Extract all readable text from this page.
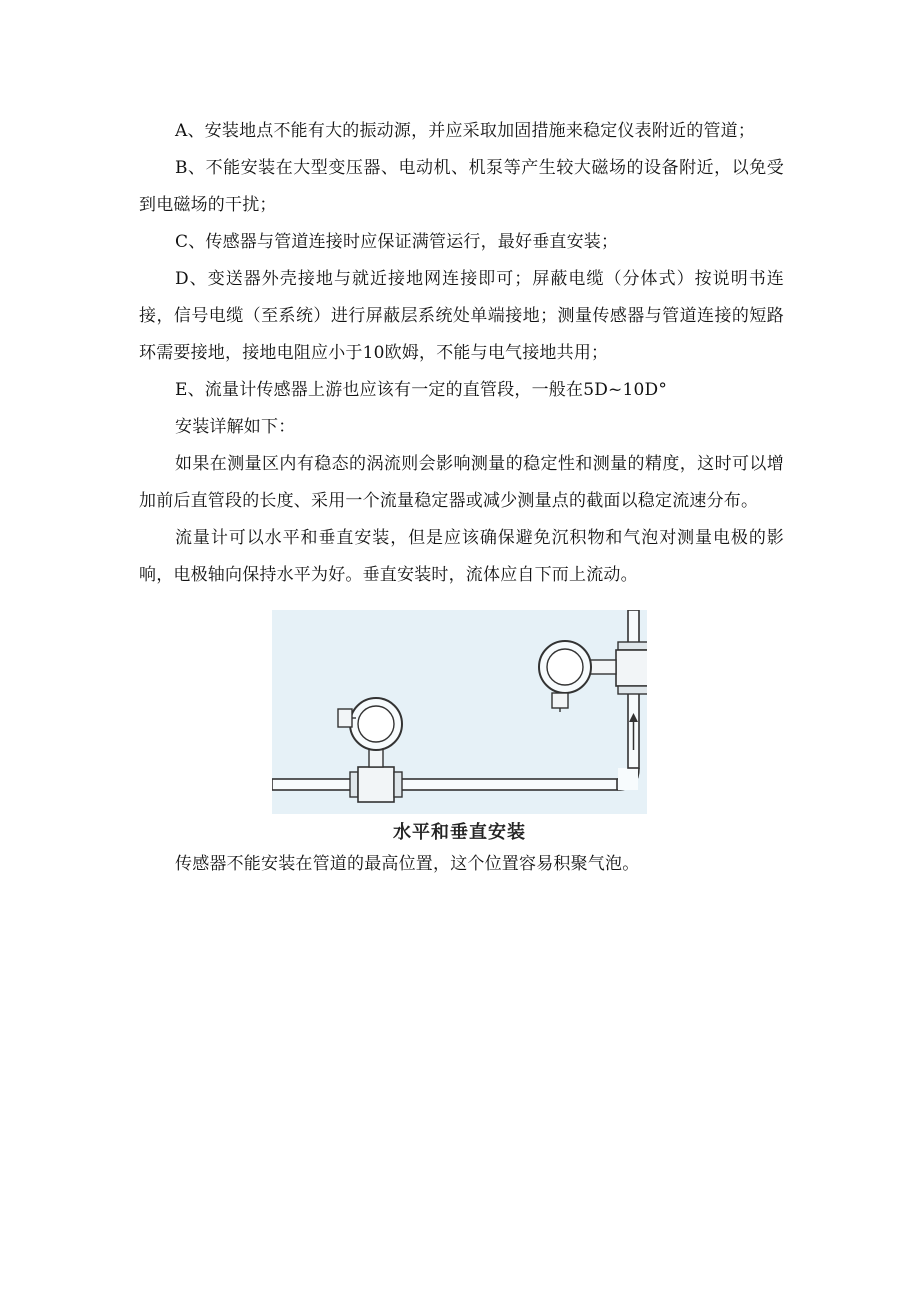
A、安装地点不能有大的振动源，并应采取加固措施来稳定仪表附近的管道；

B、不能安装在大型变压器、电动机、机泵等产生较大磁场的设备附近，以免受到电磁场的干扰；

C、传感器与管道连接时应保证满管运行，最好垂直安装；

D、变送器外壳接地与就近接地网连接即可；屏蔽电缆（分体式）按说明书连接，信号电缆（至系统）进行屏蔽层系统处单端接地；测量传感器与管道连接的短路环需要接地，接地电阻应小于10欧姆，不能与电气接地共用；

E、流量计传感器上游也应该有一定的直管段，一般在5D~10D°

安装详解如下：

如果在测量区内有稳态的涡流则会影响测量的稳定性和测量的精度，这时可以增加前后直管段的长度、采用一个流量稳定器或减少测量点的截面以稳定流速分布。

流量计可以水平和垂直安装，但是应该确保避免沉积物和气泡对测量电极的影响，电极轴向保持水平为好。垂直安装时，流体应自下而上流动。

水平和垂直安装

传感器不能安装在管道的最高位置，这个位置容易积聚气泡。
